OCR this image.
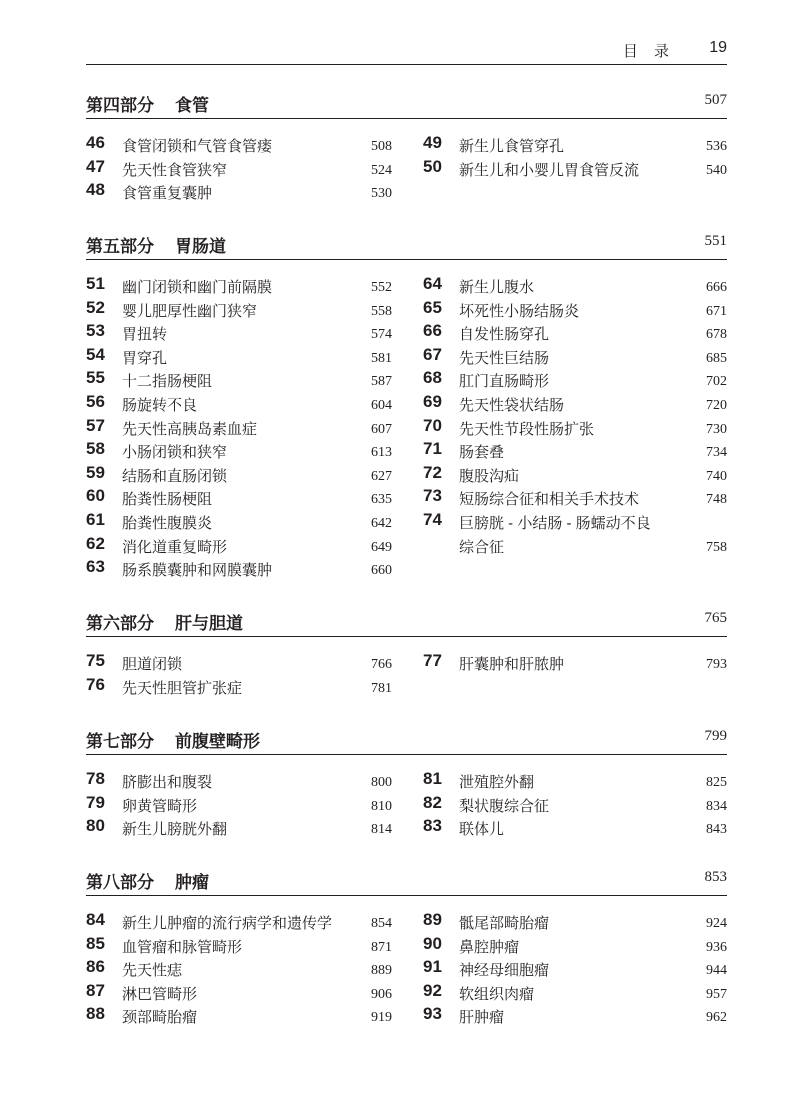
目 录 19
第四部分 食管	507
46 食管闭锁和气管食管瘘	508
47 先天性食管狭窄	524
48 食管重复囊肿	530
49 新生儿食管穿孔	536
50 新生儿和小婴儿胃食管反流	540
第五部分 胃肠道	551
51 幽门闭锁和幽门前隔膜	552
52 婴儿肥厚性幽门狭窄	558
53 胃扭转	574
54 胃穿孔	581
55 十二指肠梗阻	587
56 肠旋转不良	604
57 先天性高胰岛素血症	607
58 小肠闭锁和狭窄	613
59 结肠和直肠闭锁	627
60 胎粪性肠梗阻	635
61 胎粪性腹膜炎	642
62 消化道重复畸形	649
63 肠系膜囊肿和网膜囊肿	660
64 新生儿腹水	666
65 坏死性小肠结肠炎	671
66 自发性肠穿孔	678
67 先天性巨结肠	685
68 肛门直肠畸形	702
69 先天性袋状结肠	720
70 先天性节段性肠扩张	730
71 肠套叠	734
72 腹股沟疝	740
73 短肠综合征和相关手术技术	748
74 巨膀胱 - 小结肠 - 肠蠕动不良
综合征	758
第六部分 肝与胆道	765
75 胆道闭锁	766
76 先天性胆管扩张症	781
77 肝囊肿和肝脓肿	793
第七部分 前腹壁畸形	799
78 脐膨出和腹裂	800
79 卵黄管畸形	810
80 新生儿膀胱外翻	814
81 泄殖腔外翻	825
82 梨状腹综合征	834
83 联体儿	843
第八部分 肿瘤	853
84 新生儿肿瘤的流行病学和遗传学	854
85 血管瘤和脉管畸形	871
86 先天性痣	889
87 淋巴管畸形	906
88 颈部畸胎瘤	919
89 骶尾部畸胎瘤	924
90 鼻腔肿瘤	936
91 神经母细胞瘤	944
92 软组织肉瘤	957
93 肝肿瘤	962
